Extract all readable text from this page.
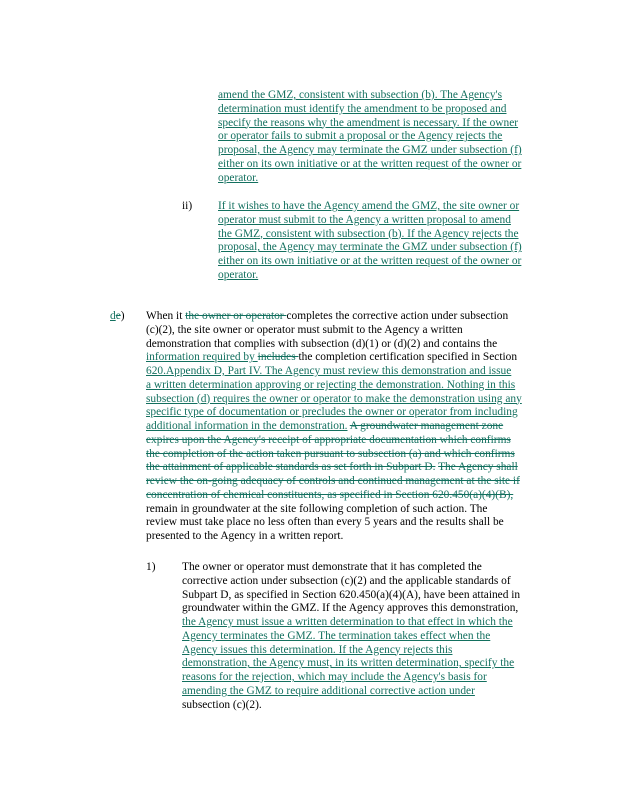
amend the GMZ, consistent with subsection (b). The Agency's
determination must identify the amendment to be proposed and
specify the reasons why the amendment is necessary. If the owner
or operator fails to submit a proposal or the Agency rejects the
proposal, the Agency may terminate the GMZ under subsection (f)
either on its own initiative or at the written request of the owner or
operator.
ii) If it wishes to have the Agency amend the GMZ, the site owner or
operator must submit to the Agency a written proposal to amend
the GMZ, consistent with subsection (b). If the Agency rejects the
proposal, the Agency may terminate the GMZ under subsection (f)
either on its own initiative or at the written request of the owner or
operator.
de) When it the owner or operator completes the corrective action under subsection
(c)(2), the site owner or operator must submit to the Agency a written
demonstration that complies with subsection (d)(1) or (d)(2) and contains the
information required by includes the completion certification specified in Section
620.Appendix D, Part IV. The Agency must review this demonstration and issue
a written determination approving or rejecting the demonstration. Nothing in this
subsection (d) requires the owner or operator to make the demonstration using any
specific type of documentation or precludes the owner or operator from including
additional information in the demonstration. A groundwater management zone
expires upon the Agency's receipt of appropriate documentation which confirms
the completion of the action taken pursuant to subsection (a) and which confirms
the attainment of applicable standards as set forth in Subpart D. The Agency shall
review the on-going adequacy of controls and continued management at the site if
concentration of chemical constituents, as specified in Section 620.450(a)(4)(B),
remain in groundwater at the site following completion of such action. The
review must take place no less often than every 5 years and the results shall be
presented to the Agency in a written report.
1) The owner or operator must demonstrate that it has completed the
corrective action under subsection (c)(2) and the applicable standards of
Subpart D, as specified in Section 620.450(a)(4)(A), have been attained in
groundwater within the GMZ. If the Agency approves this demonstration,
the Agency must issue a written determination to that effect in which the
Agency terminates the GMZ. The termination takes effect when the
Agency issues this determination. If the Agency rejects this
demonstration, the Agency must, in its written determination, specify the
reasons for the rejection, which may include the Agency's basis for
amending the GMZ to require additional corrective action under
subsection (c)(2).
